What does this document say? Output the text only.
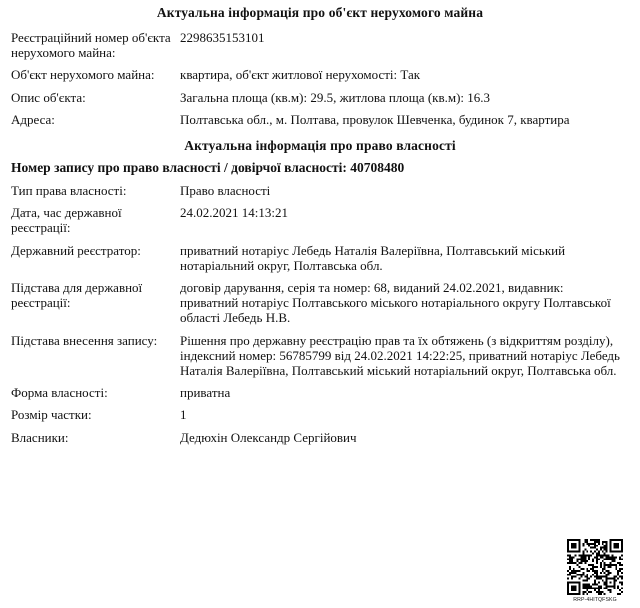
Актуальна інформація про об'єкт нерухомого майна
Реєстраційний номер об'єкта нерухомого майна:
2298635153101
Об'єкт нерухомого майна:	квартира, об'єкт житлової нерухомості: Так
Опис об'єкта:	Загальна площа (кв.м): 29.5, житлова площа (кв.м): 16.3
Адреса:	Полтавська обл., м. Полтава, провулок Шевченка, будинок 7, квартира
Актуальна інформація про право власності
Номер запису про право власності / довірчої власності: 40708480
Тип права власності:	Право власності
Дата, час державної реєстрації:
24.02.2021 14:13:21
Державний реєстратор:	приватний нотаріус Лебедь Наталія Валеріївна, Полтавський міський нотаріальний округ, Полтавська обл.
Підстава для державної реєстрації:
договір дарування, серія та номер: 68, виданий 24.02.2021, видавник: приватний нотаріус Полтавського міського нотаріального округу Полтавської області Лебедь Н.В.
Підстава внесення запису:	Рішення про державну реєстрацію прав та їх обтяжень (з відкриттям розділу), індексний номер: 56785799 від 24.02.2021 14:22:25, приватний нотаріус Лебедь Наталія Валеріївна, Полтавський міський нотаріальний округ, Полтавська обл.
Форма власності:	приватна
Розмір частки:	1
Власники:	Дедюхін Олександр Сергійович
RRP-4HITQFSKG
